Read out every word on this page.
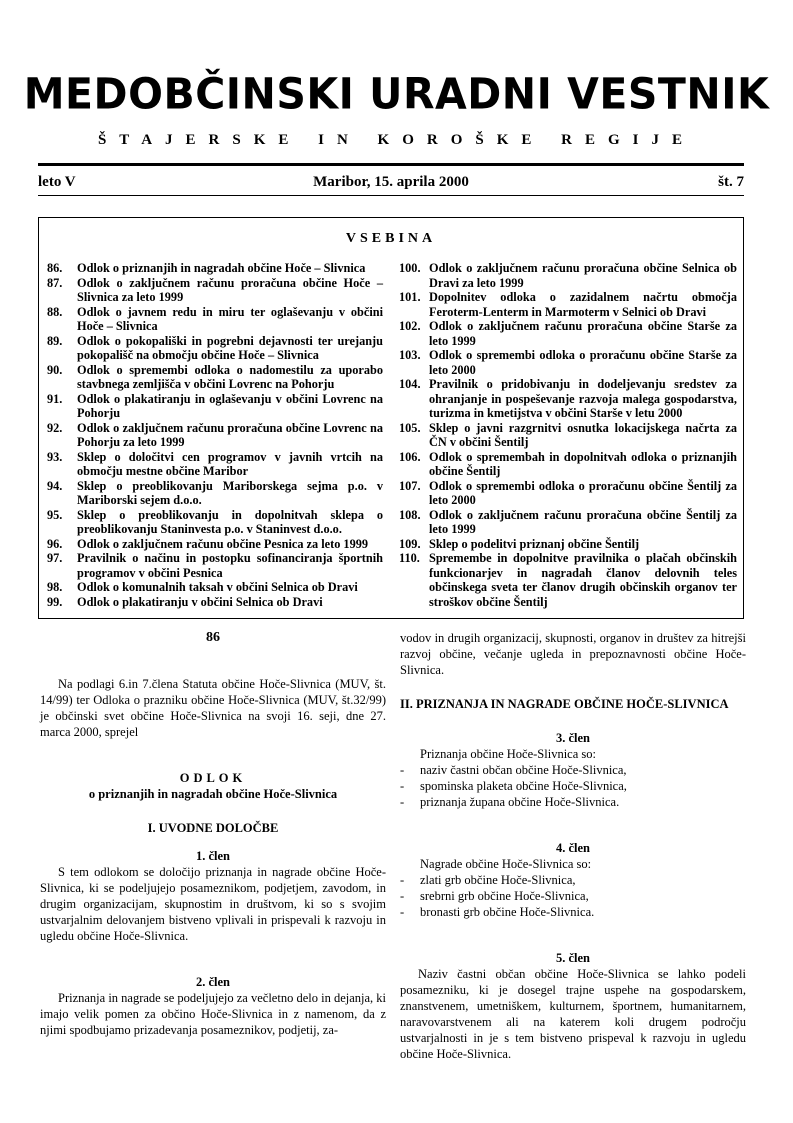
MEDOBČINSKI URADNI VESTNIK
ŠTAJERSKE IN KOROŠKE REGIJE
leto V	Maribor, 15. aprila 2000	št. 7
VSEBINA
86. Odlok o priznanjih in nagradah občine Hoče – Slivnica
87. Odlok o zaključnem računu proračuna občine Hoče – Slivnica za leto 1999
88. Odlok o javnem redu in miru ter oglaševanju v občini Hoče – Slivnica
89. Odlok o pokopališki in pogrebni dejavnosti ter urejanju pokopališč na območju občine Hoče – Slivnica
90. Odlok o spremembi odloka o nadomestilu za uporabo stavbnega zemljišča v občini Lovrenc na Pohorju
91. Odlok o plakatiranju in oglaševanju v občini Lovrenc na Pohorju
92. Odlok o zaključnem računu proračuna občine Lovrenc na Pohorju za leto 1999
93. Sklep o določitvi cen programov v javnih vrtcih na območju mestne občine Maribor
94. Sklep o preoblikovanju Mariborskega sejma p.o. v Mariborski sejem d.o.o.
95. Sklep o preoblikovanju in dopolnitvah sklepa o preoblikovanju Staninvesta p.o. v Staninvest d.o.o.
96. Odlok o zaključnem računu občine Pesnica za leto 1999
97. Pravilnik o načinu in postopku sofinanciranja športnih programov v občini Pesnica
98. Odlok o komunalnih taksah v občini Selnica ob Dravi
99. Odlok o plakatiranju v občini Selnica ob Dravi
100. Odlok o zaključnem računu proračuna občine Selnica ob Dravi za leto 1999
101. Dopolnitev odloka o zazidalnem načrtu območja Feroterm-Lenterm in Marmoterm v Selnici ob Dravi
102. Odlok o zaključnem računu proračuna občine Starše za leto 1999
103. Odlok o spremembi odloka o proračunu občine Starše za leto 2000
104. Pravilnik o pridobivanju in dodeljevanju sredstev za ohranjanje in pospeševanje razvoja malega gospodarstva, turizma in kmetijstva v občini Starše v letu 2000
105. Sklep o javni razgrnitvi osnutka lokacijskega načrta za ČN v občini Šentilj
106. Odlok o spremembah in dopolnitvah odloka o priznanjih občine Šentilj
107. Odlok o spremembi odloka o proračunu občine Šentilj za leto 2000
108. Odlok o zaključnem računu proračuna občine Šentilj za leto 1999
109. Sklep o podelitvi priznanj občine Šentilj
110. Spremembe in dopolnitve pravilnika o plačah občinskih funkcionarjev in nagradah članov delovnih teles občinskega sveta ter članov drugih občinskih organov ter stroškov občine Šentilj
86

Na podlagi 6.in 7.člena Statuta občine Hoče-Slivnica (MUV, št. 14/99) ter Odloka o prazniku občine Hoče-Slivnica (MUV, št.32/99) je občinski svet občine Hoče-Slivnica na svoji 16. seji, dne 27. marca 2000, sprejel

ODLOK
o priznanjih in nagradah občine Hoče-Slivnica
I. UVODNE DOLOČBE
1. člen

S tem odlokom se določijo priznanja in nagrade občine Hoče-Slivnica, ki se podeljujejo posameznikom, podjetjem, zavodom, in drugim organizacijam, skupnostim in društvom, ki so s svojim ustvarjalnim delovanjem bistveno vplivali in prispevali k razvoju in ugledu občine Hoče-Slivnica.

2. člen

Priznanja in nagrade se podeljujejo za večletno delo in dejanja, ki imajo velik pomen za občino Hoče-Slivnica in z namenom, da z njimi spodbujamo prizadevanja posameznikov, podjetij, za-

vodov in drugih organizacij, skupnosti, organov in društev za hitrejši razvoj občine, večanje ugleda in prepoznavnosti občine Hoče-Slivnica.

II. PRIZNANJA IN NAGRADE OBČINE HOČE-SLIVNICA
3. člen
Priznanja občine Hoče-Slivnica so:
- naziv častni občan občine Hoče-Slivnica,
- spominska plaketa občine Hoče-Slivnica,
- priznanja župana občine Hoče-Slivnica.
4. člen
Nagrade občine Hoče-Slivnica so:
- zlati grb občine Hoče-Slivnica,
- srebrni grb občine Hoče-Slivnica,
- bronasti grb občine Hoče-Slivnica.
5. člen

Naziv častni občan občine Hoče-Slivnica se lahko podeli posamezniku, ki je dosegel trajne uspehe na gospodarskem, znanstvenem, umetniškem, kulturnem, športnem, humanitarnem, naravovarstvenem ali na katerem koli drugem področju ustvarjalnosti in je s tem bistveno prispeval k razvoju in ugledu občine Hoče-Slivnica.
